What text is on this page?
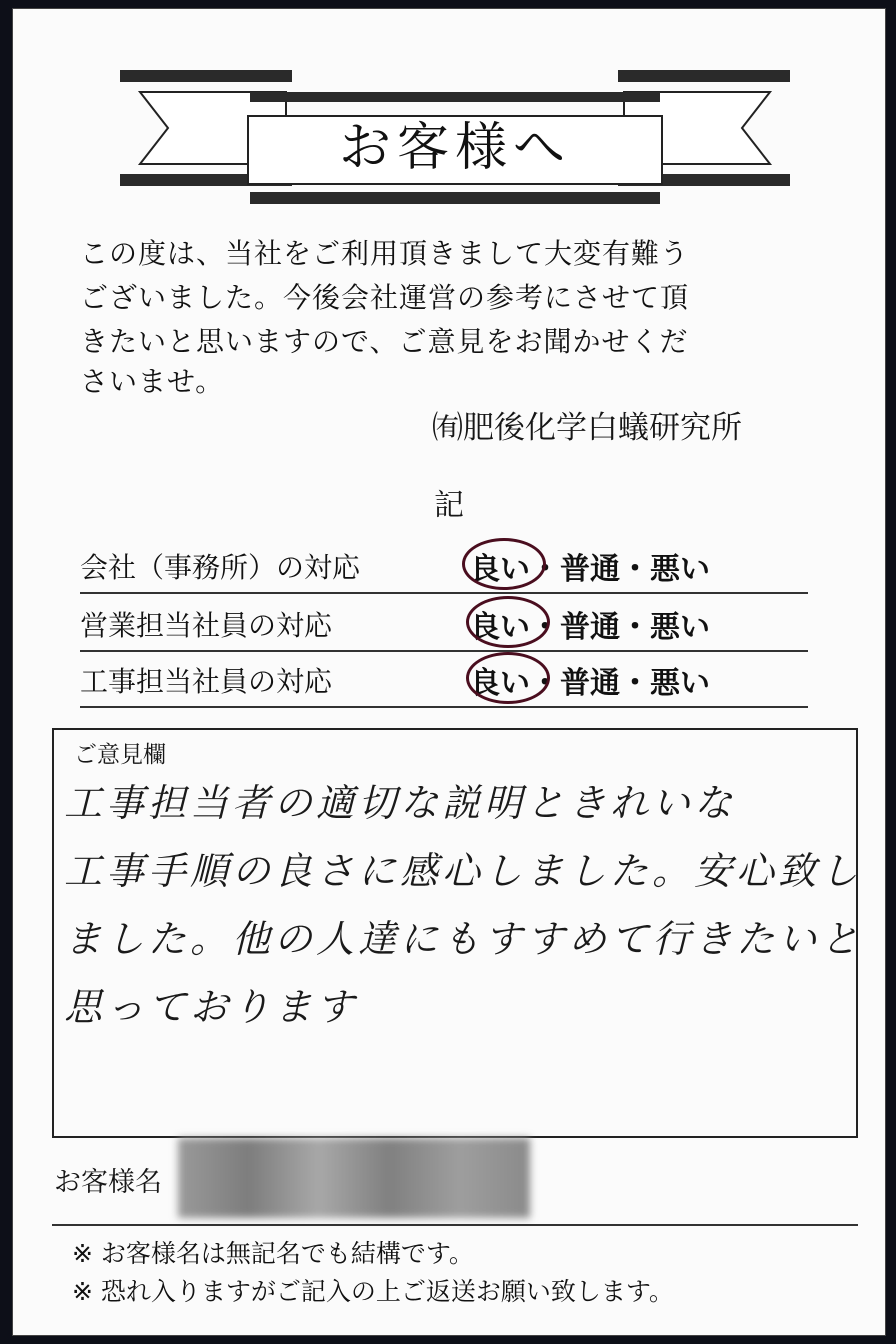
お客様へ
この度は、当社をご利用頂きまして大変有難う
ございました。今後会社運営の参考にさせて頂
きたいと思いますので、ご意見をお聞かせくだ
さいませ。
㈲肥後化学白蟻研究所
記
会社（事務所）の対応	良い・普通・悪い
営業担当社員の対応	良い・普通・悪い
工事担当社員の対応	良い・普通・悪い
ご意見欄
工事担当者の適切な説明ときれいな
工事手順の良さに感心しました。安心致し
ました。他の人達にもすすめて行きたいと
思っております
お客様名
※ お客様名は無記名でも結構です。
※ 恐れ入りますがご記入の上ご返送お願い致します。
